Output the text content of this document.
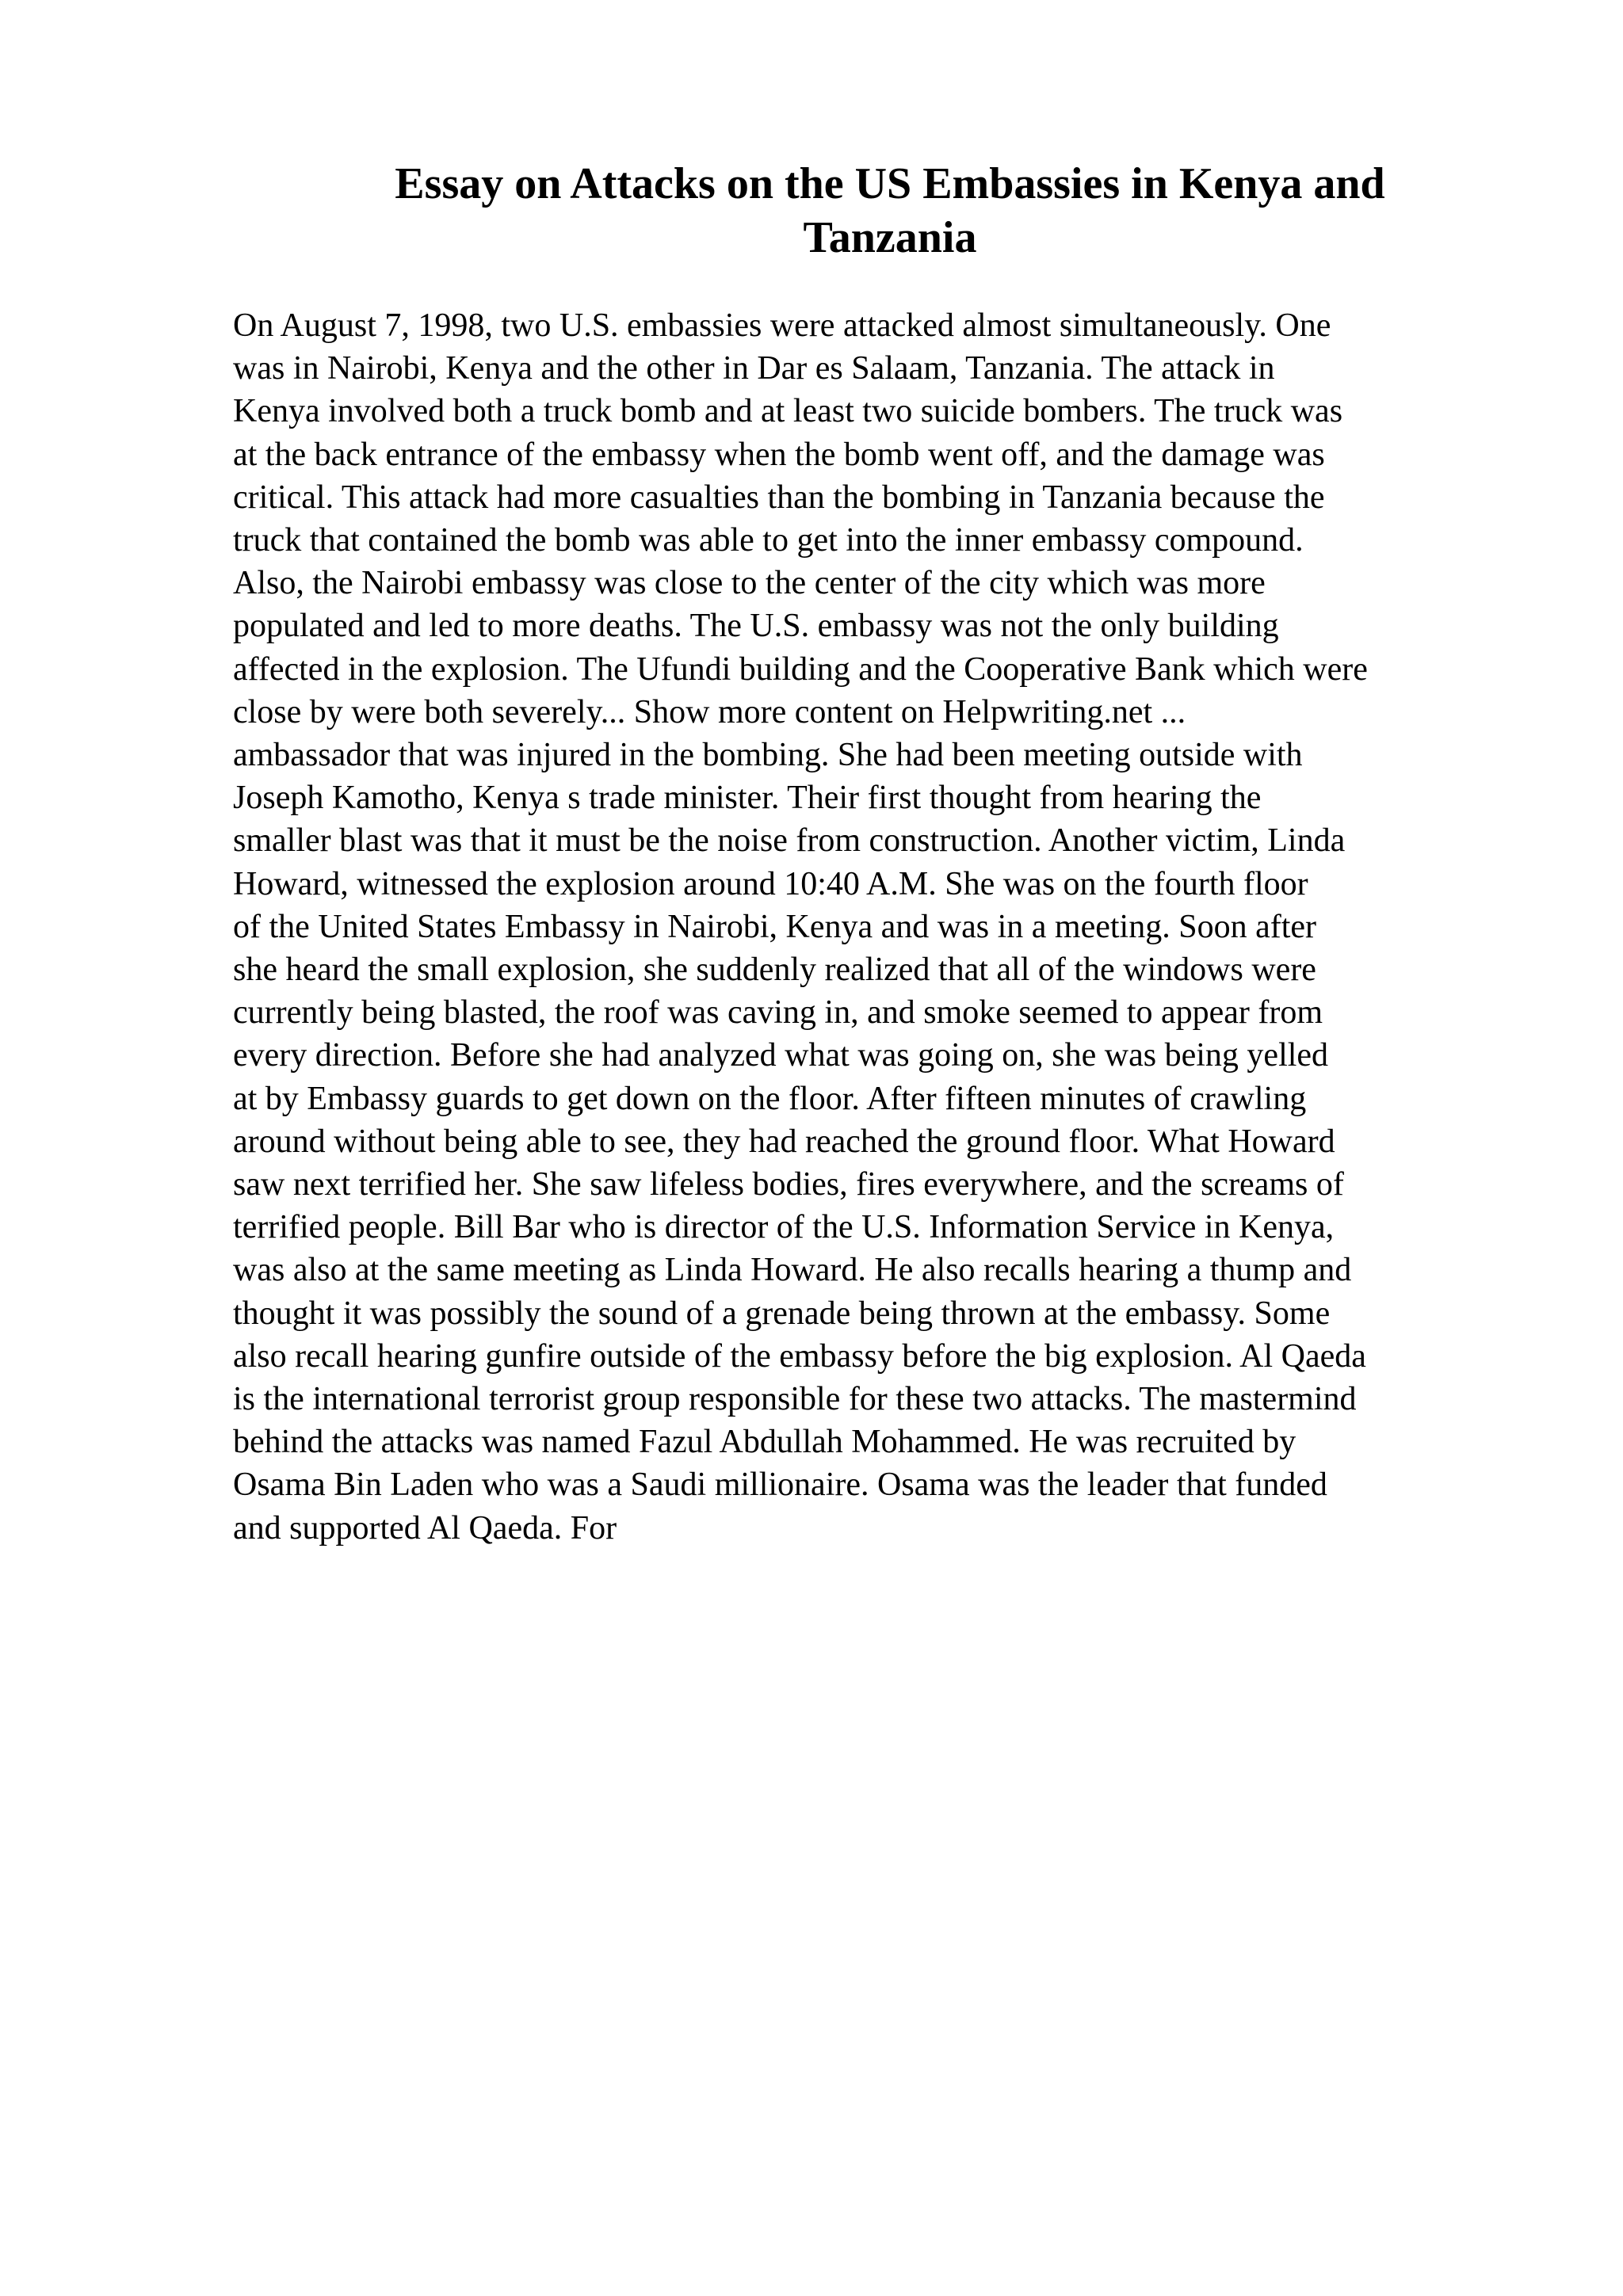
Essay on Attacks on the US Embassies in Kenya and
Tanzania
On August 7, 1998, two U.S. embassies were attacked almost simultaneously. One
was in Nairobi, Kenya and the other in Dar es Salaam, Tanzania. The attack in
Kenya involved both a truck bomb and at least two suicide bombers. The truck was
at the back entrance of the embassy when the bomb went off, and the damage was
critical. This attack had more casualties than the bombing in Tanzania because the
truck that contained the bomb was able to get into the inner embassy compound.
Also, the Nairobi embassy was close to the center of the city which was more
populated and led to more deaths. The U.S. embassy was not the only building
affected in the explosion. The Ufundi building and the Cooperative Bank which were
close by were both severely... Show more content on Helpwriting.net ...
ambassador that was injured in the bombing. She had been meeting outside with
Joseph Kamotho, Kenya s trade minister. Their first thought from hearing the
smaller blast was that it must be the noise from construction. Another victim, Linda
Howard, witnessed the explosion around 10:40 A.M. She was on the fourth floor
of the United States Embassy in Nairobi, Kenya and was in a meeting. Soon after
she heard the small explosion, she suddenly realized that all of the windows were
currently being blasted, the roof was caving in, and smoke seemed to appear from
every direction. Before she had analyzed what was going on, she was being yelled
at by Embassy guards to get down on the floor. After fifteen minutes of crawling
around without being able to see, they had reached the ground floor. What Howard
saw next terrified her. She saw lifeless bodies, fires everywhere, and the screams of
terrified people. Bill Bar who is director of the U.S. Information Service in Kenya,
was also at the same meeting as Linda Howard. He also recalls hearing a thump and
thought it was possibly the sound of a grenade being thrown at the embassy. Some
also recall hearing gunfire outside of the embassy before the big explosion. Al Qaeda
is the international terrorist group responsible for these two attacks. The mastermind
behind the attacks was named Fazul Abdullah Mohammed. He was recruited by
Osama Bin Laden who was a Saudi millionaire. Osama was the leader that funded
and supported Al Qaeda. For
